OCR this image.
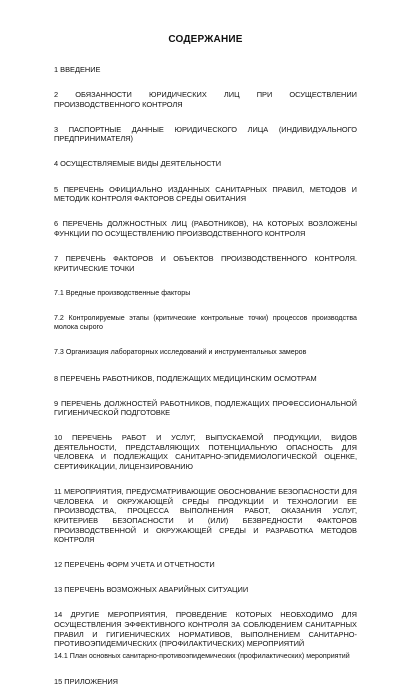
СОДЕРЖАНИЕ
1 ВВЕДЕНИЕ
2 ОБЯЗАННОСТИ ЮРИДИЧЕСКИХ ЛИЦ ПРИ ОСУЩЕСТВЛЕНИИ ПРОИЗВОДСТВЕННОГО КОНТРОЛЯ
3 ПАСПОРТНЫЕ ДАННЫЕ ЮРИДИЧЕСКОГО ЛИЦА (ИНДИВИДУАЛЬНОГО ПРЕДПРИНИМАТЕЛЯ)
4 ОСУЩЕСТВЛЯЕМЫЕ ВИДЫ ДЕЯТЕЛЬНОСТИ
5 ПЕРЕЧЕНЬ ОФИЦИАЛЬНО ИЗДАННЫХ САНИТАРНЫХ ПРАВИЛ, МЕТОДОВ И МЕТОДИК КОНТРОЛЯ ФАКТОРОВ СРЕДЫ ОБИТАНИЯ
6 ПЕРЕЧЕНЬ ДОЛЖНОСТНЫХ ЛИЦ (РАБОТНИКОВ), НА КОТОРЫХ ВОЗЛОЖЕНЫ ФУНКЦИИ ПО ОСУЩЕСТВЛЕНИЮ ПРОИЗВОДСТВЕННОГО КОНТРОЛЯ
7 ПЕРЕЧЕНЬ ФАКТОРОВ И ОБЪЕКТОВ ПРОИЗВОДСТВЕННОГО КОНТРОЛЯ. КРИТИЧЕСКИЕ ТОЧКИ
7.1 Вредные производственные факторы
7.2 Контролируемые этапы (критические контрольные точки) процессов производства молока сырого
7.3 Организация лабораторных исследований и инструментальных замеров
8 ПЕРЕЧЕНЬ РАБОТНИКОВ, ПОДЛЕЖАЩИХ МЕДИЦИНСКИМ ОСМОТРАМ
9 ПЕРЕЧЕНЬ ДОЛЖНОСТЕЙ РАБОТНИКОВ, ПОДЛЕЖАЩИХ ПРОФЕССИОНАЛЬНОЙ ГИГИЕНИЧЕСКОЙ ПОДГОТОВКЕ
10 ПЕРЕЧЕНЬ РАБОТ И УСЛУГ, ВЫПУСКАЕМОЙ ПРОДУКЦИИ, ВИДОВ ДЕЯТЕЛЬНОСТИ, ПРЕДСТАВЛЯЮЩИХ ПОТЕНЦИАЛЬНУЮ ОПАСНОСТЬ ДЛЯ ЧЕЛОВЕКА И ПОДЛЕЖАЩИХ САНИТАРНО-ЭПИДЕМИОЛОГИЧЕСКОЙ ОЦЕНКЕ, СЕРТИФИКАЦИИ, ЛИЦЕНЗИРОВАНИЮ
11 МЕРОПРИЯТИЯ, ПРЕДУСМАТРИВАЮЩИЕ ОБОСНОВАНИЕ БЕЗОПАСНОСТИ ДЛЯ ЧЕЛОВЕКА И ОКРУЖАЮЩЕЙ СРЕДЫ ПРОДУКЦИИ И ТЕХНОЛОГИИ ЕЕ ПРОИЗВОДСТВА, ПРОЦЕССА ВЫПОЛНЕНИЯ РАБОТ, ОКАЗАНИЯ УСЛУГ, КРИТЕРИЕВ БЕЗОПАСНОСТИ И (ИЛИ) БЕЗВРЕДНОСТИ ФАКТОРОВ ПРОИЗВОДСТВЕННОЙ И ОКРУЖАЮЩЕЙ СРЕДЫ И РАЗРАБОТКА МЕТОДОВ КОНТРОЛЯ
12 ПЕРЕЧЕНЬ ФОРМ УЧЕТА И ОТЧЕТНОСТИ
13 ПЕРЕЧЕНЬ ВОЗМОЖНЫХ АВАРИЙНЫХ СИТУАЦИИ
14 ДРУГИЕ МЕРОПРИЯТИЯ, ПРОВЕДЕНИЕ КОТОРЫХ НЕОБХОДИМО ДЛЯ ОСУЩЕСТВЛЕНИЯ ЭФФЕКТИВНОГО КОНТРОЛЯ ЗА СОБЛЮДЕНИЕМ САНИТАРНЫХ ПРАВИЛ И ГИГИЕНИЧЕСКИХ НОРМАТИВОВ, ВЫПОЛНЕНИЕМ САНИТАРНО-ПРОТИВОЭПИДЕМИЧЕСКИХ (ПРОФИЛАКТИЧЕСКИХ) МЕРОПРИЯТИЙ
14.1 План основных санитарно-противоэпидемических (профилактических) мероприятий
15 ПРИЛОЖЕНИЯ
